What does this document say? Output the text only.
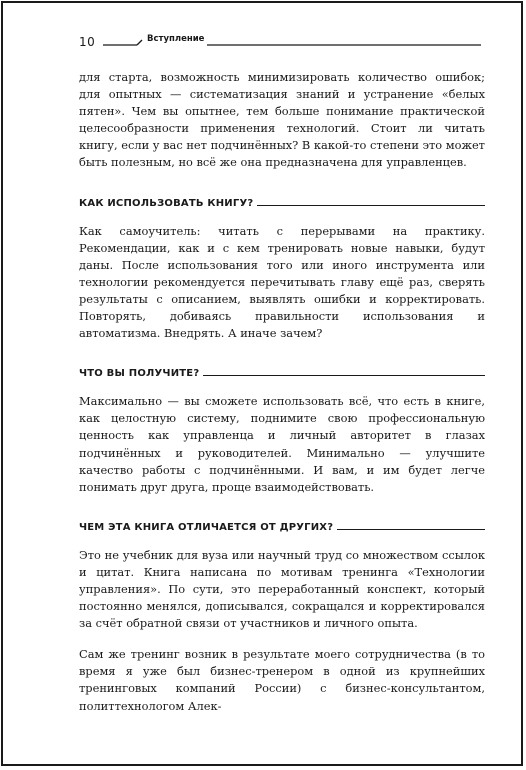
10	Вступление

для старта, возможность минимизировать количество ошибок; для опытных — систематизация знаний и устранение «белых пятен». Чем вы опытнее, тем больше понимание практической целесообразности применения технологий. Стоит ли читать книгу, если у вас нет подчинённых? В какой-то степени это может быть полезным, но всё же она предназначена для управленцев.

КАК ИСПОЛЬЗОВАТЬ КНИГУ?

Как самоучитель: читать с перерывами на практику. Рекомендации, как и с кем тренировать новые навыки, будут даны. После использования того или иного инструмента или технологии рекомендуется перечитывать главу ещё раз, сверять результаты с описанием, выявлять ошибки и корректировать. Повторять, добиваясь правильности использования и автоматизма. Внедрять. А иначе зачем?

ЧТО ВЫ ПОЛУЧИТЕ?

Максимально — вы сможете использовать всё, что есть в книге, как целостную систему, поднимите свою профессиональную ценность как управленца и личный авторитет в глазах подчинённых и руководителей. Минимально — улучшите качество работы с подчинёнными. И вам, и им будет легче понимать друг друга, проще взаимодействовать.

ЧЕМ ЭТА КНИГА ОТЛИЧАЕТСЯ ОТ ДРУГИХ?

Это не учебник для вуза или научный труд со множеством ссылок и цитат. Книга написана по мотивам тренинга «Технологии управления». По сути, это переработанный конспект, который постоянно менялся, дописывался, сокращался и корректировался за счёт обратной связи от участников и личного опыта.

Сам же тренинг возник в результате моего сотрудничества (в то время я уже был бизнес-тренером в одной из крупнейших тренинговых компаний России) с бизнес-консультантом, политтехнологом Алек-
